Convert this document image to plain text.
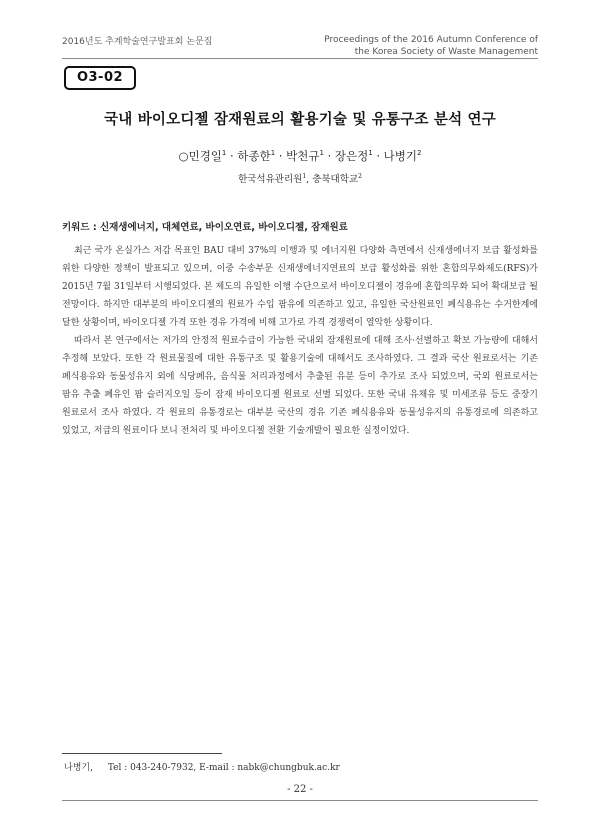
2016년도 추계학술연구발표회 논문집	Proceedings of the 2016 Autumn Conference of
the Korea Society of Waste Management
O3-02
국내 바이오디젤 잠재원료의 활용기술 및 유통구조 분석 연구
○민경일$^1$ · 하종한$^1$ · 박천규$^1$ · 장은정$^1$ · 나병기$^2$
한국석유관리원$^1$, 충북대학교$^2$
키워드 : 신재생에너지, 대체연료, 바이오연료, 바이오디젤, 잠재원료

최근 국가 온실가스 저감 목표인 BAU 대비 37%의 이행과 및 에너지원 다양화 측면에서 신재생에너지 보급 활성화를 위한 다양한 정책이 발표되고 있으며, 이중 수송부문 신재생에너지연료의 보급 활성화를 위한 혼합의무화제도(RFS)가 2015년 7월 31일부터 시행되었다. 본 제도의 유일한 이행 수단으로서 바이오디젤이 경유에 혼합의무화 되어 확대보급 될 전망이다. 하지만 대부분의 바이오디젤의 원료가 수입 팜유에 의존하고 있고, 유일한 국산원료인 폐식용유는 수거한계에 달한 상황이며, 바이오디젤 가격 또한 경유 가격에 비해 고가로 가격 경쟁력이 열악한 상황이다.

따라서 본 연구에서는 저가의 안정적 원료수급이 가능한 국내외 잠재원료에 대해 조사·선별하고 확보 가능량에 대해서 추정해 보았다. 또한 각 원료물질에 대한 유통구조 및 활용기술에 대해서도 조사하였다. 그 결과 국산 원료로서는 기존 폐식용유와 동물성유지 외에 식당폐유, 음식물 처리과정에서 추출된 유분 등이 추가로 조사 되었으며, 국외 원료로서는 팜유 추출 폐유인 팜 슬러지오일 등이 잠재 바이오디젤 원료로 선별 되었다. 또한 국내 유채유 및 미세조류 등도 중장기 원료로서 조사 하였다. 각 원료의 유통경로는 대부분 국산의 경유 기존 폐식용유와 동물성유지의 유통경로에 의존하고 있었고, 저급의 원료이다 보니 전처리 및 바이오디젤 전환 기술개발이 필요한 실정이었다.

나병기, Tel : 043-240-7932, E-mail : nabk@chungbuk.ac.kr
- 22 -
